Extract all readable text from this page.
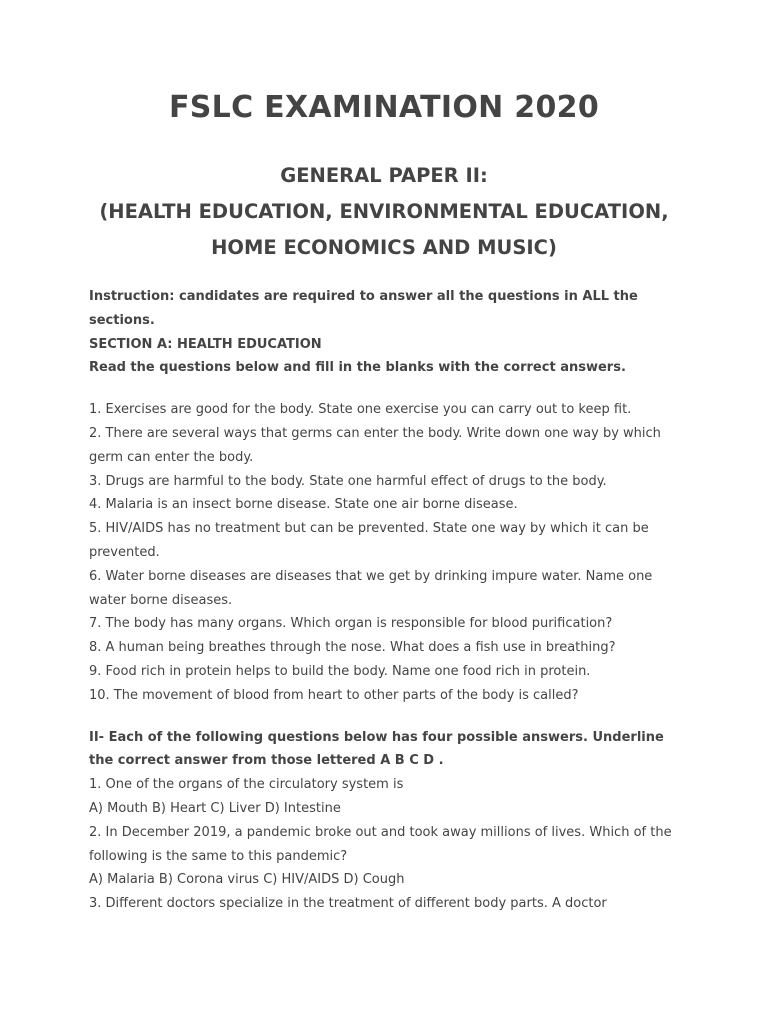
FSLC EXAMINATION 2020
GENERAL PAPER II:
(HEALTH EDUCATION, ENVIRONMENTAL EDUCATION,
HOME ECONOMICS AND MUSIC)

Instruction: candidates are required to answer all the questions in ALL the sections.

SECTION A: HEALTH EDUCATION

Read the questions below and fill in the blanks with the correct answers.

1. Exercises are good for the body. State one exercise you can carry out to keep fit.

2. There are several ways that germs can enter the body. Write down one way by which germ can enter the body.

3. Drugs are harmful to the body. State one harmful effect of drugs to the body.

4. Malaria is an insect borne disease. State one air borne disease.

5. HIV/AIDS has no treatment but can be prevented. State one way by which it can be prevented.

6. Water borne diseases are diseases that we get by drinking impure water. Name one water borne diseases.

7. The body has many organs. Which organ is responsible for blood purification?

8. A human being breathes through the nose. What does a fish use in breathing?

9. Food rich in protein helps to build the body. Name one food rich in protein.

10. The movement of blood from heart to other parts of the body is called?

II- Each of the following questions below has four possible answers. Underline the correct answer from those lettered A B C D .

1. One of the organs of the circulatory system is

A) Mouth B) Heart C) Liver D) Intestine

2. In December 2019, a pandemic broke out and took away millions of lives. Which of the following is the same to this pandemic?

A) Malaria B) Corona virus C) HIV/AIDS D) Cough

3. Different doctors specialize in the treatment of different body parts. A doctor
